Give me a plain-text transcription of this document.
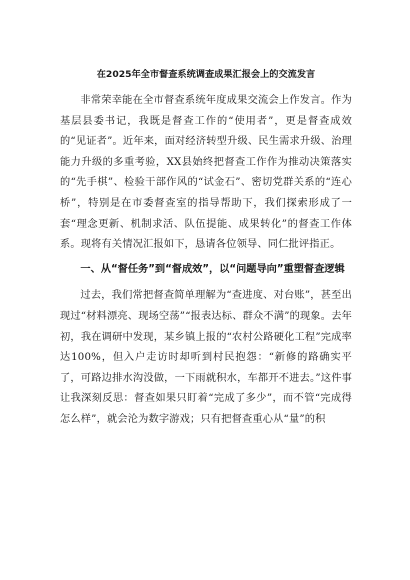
在2025年全市督查系统调查成果汇报会上的交流发言

非常荣幸能在全市督查系统年度成果交流会上作发言。作为基层县委书记，我既是督查工作的“使用者”，更是督查成效的“见证者”。近年来，面对经济转型升级、民生需求升级、治理能力升级的多重考验，XX县始终把督查工作作为推动决策落实的“先手棋”、检验干部作风的“试金石”、密切党群关系的“连心桥”，特别是在市委督查室的指导帮助下，我们探索形成了一套“理念更新、机制求活、队伍提能、成果转化”的督查工作体系。现将有关情况汇报如下，恳请各位领导、同仁批评指正。

一、从“督任务”到“督成效”，以“问题导向”重塑督查逻辑

过去，我们常把督查简单理解为“查进度、对台账”，甚至出现过“材料漂亮、现场空荡”“报表达标、群众不满”的现象。去年初，我在调研中发现，某乡镇上报的“农村公路硬化工程”完成率达100%，但入户走访时却听到村民抱怨：“新修的路确实平了，可路边排水沟没做，一下雨就积水，车都开不进去。”这件事让我深刻反思：督查如果只盯着“完成了多少”，而不管“完成得怎么样”，就会沦为数字游戏；只有把督查重心从“量”的积
